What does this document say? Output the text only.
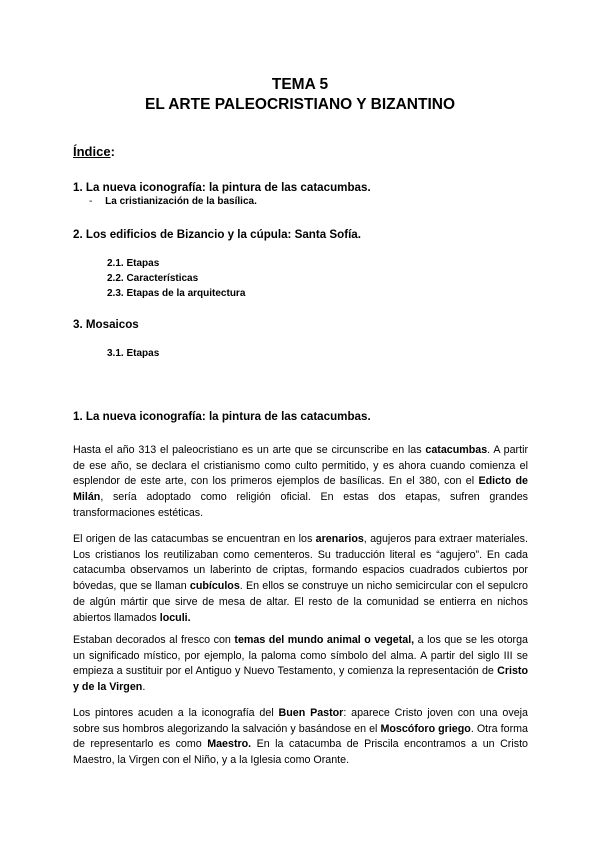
TEMA 5
EL ARTE PALEOCRISTIANO Y BIZANTINO
Índice:
1. La nueva iconografía: la pintura de las catacumbas.
- La cristianización de la basílica.
2. Los edificios de Bizancio y la cúpula: Santa Sofía.
2.1. Etapas
2.2. Características
2.3. Etapas de la arquitectura
3. Mosaicos
3.1. Etapas
1. La nueva iconografía: la pintura de las catacumbas.
Hasta el año 313 el paleocristiano es un arte que se circunscribe en las catacumbas. A partir de ese año, se declara el cristianismo como culto permitido, y es ahora cuando comienza el esplendor de este arte, con los primeros ejemplos de basílicas. En el 380, con el Edicto de Milán, sería adoptado como religión oficial. En estas dos etapas, sufren grandes transformaciones estéticas.
El origen de las catacumbas se encuentran en los arenarios, agujeros para extraer materiales. Los cristianos los reutilizaban como cementeros. Su traducción literal es “agujero”. En cada catacumba observamos un laberinto de criptas, formando espacios cuadrados cubiertos por bóvedas, que se llaman cubículos. En ellos se construye un nicho semicircular con el sepulcro de algún mártir que sirve de mesa de altar. El resto de la comunidad se entierra en nichos abiertos llamados loculi.
Estaban decorados al fresco con temas del mundo animal o vegetal, a los que se les otorga un significado místico, por ejemplo, la paloma como símbolo del alma. A partir del siglo III se empieza a sustituir por el Antiguo y Nuevo Testamento, y comienza la representación de Cristo y de la Virgen.
Los pintores acuden a la iconografía del Buen Pastor: aparece Cristo joven con una oveja sobre sus hombros alegorizando la salvación y basándose en el Moscóforo griego. Otra forma de representarlo es como Maestro. En la catacumba de Priscila encontramos a un Cristo Maestro, la Virgen con el Niño, y a la Iglesia como Orante.
